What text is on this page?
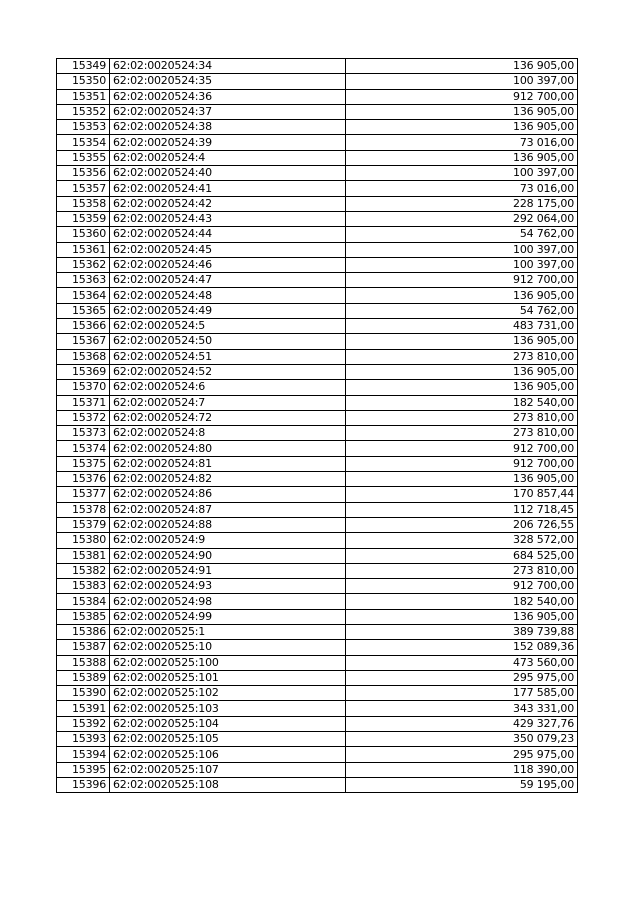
15349	62:02:0020524:34	136 905,00
15350	62:02:0020524:35	100 397,00
15351	62:02:0020524:36	912 700,00
15352	62:02:0020524:37	136 905,00
15353	62:02:0020524:38	136 905,00
15354	62:02:0020524:39	73 016,00
15355	62:02:0020524:4	136 905,00
15356	62:02:0020524:40	100 397,00
15357	62:02:0020524:41	73 016,00
15358	62:02:0020524:42	228 175,00
15359	62:02:0020524:43	292 064,00
15360	62:02:0020524:44	54 762,00
15361	62:02:0020524:45	100 397,00
15362	62:02:0020524:46	100 397,00
15363	62:02:0020524:47	912 700,00
15364	62:02:0020524:48	136 905,00
15365	62:02:0020524:49	54 762,00
15366	62:02:0020524:5	483 731,00
15367	62:02:0020524:50	136 905,00
15368	62:02:0020524:51	273 810,00
15369	62:02:0020524:52	136 905,00
15370	62:02:0020524:6	136 905,00
15371	62:02:0020524:7	182 540,00
15372	62:02:0020524:72	273 810,00
15373	62:02:0020524:8	273 810,00
15374	62:02:0020524:80	912 700,00
15375	62:02:0020524:81	912 700,00
15376	62:02:0020524:82	136 905,00
15377	62:02:0020524:86	170 857,44
15378	62:02:0020524:87	112 718,45
15379	62:02:0020524:88	206 726,55
15380	62:02:0020524:9	328 572,00
15381	62:02:0020524:90	684 525,00
15382	62:02:0020524:91	273 810,00
15383	62:02:0020524:93	912 700,00
15384	62:02:0020524:98	182 540,00
15385	62:02:0020524:99	136 905,00
15386	62:02:0020525:1	389 739,88
15387	62:02:0020525:10	152 089,36
15388	62:02:0020525:100	473 560,00
15389	62:02:0020525:101	295 975,00
15390	62:02:0020525:102	177 585,00
15391	62:02:0020525:103	343 331,00
15392	62:02:0020525:104	429 327,76
15393	62:02:0020525:105	350 079,23
15394	62:02:0020525:106	295 975,00
15395	62:02:0020525:107	118 390,00
15396	62:02:0020525:108	59 195,00
